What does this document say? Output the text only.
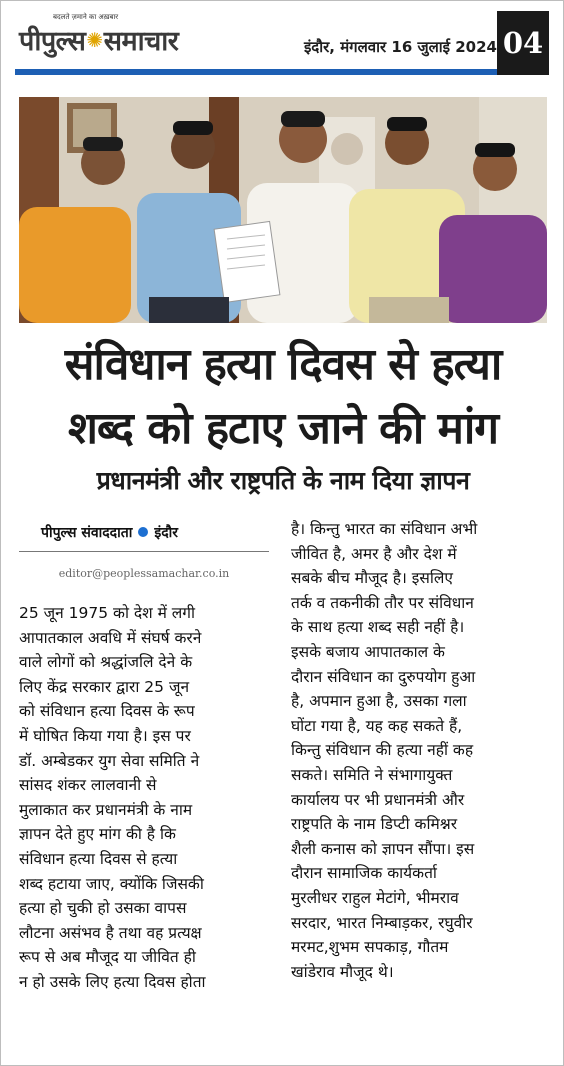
बदलते ज़माने का अख़बार
पीपुल्स✺समाचार	इंदौर, मंगलवार 16 जुलाई 2024 04
संविधान हत्या दिवस से हत्या
शब्द को हटाए जाने की मांग
प्रधानमंत्री और राष्ट्रपति के नाम दिया ज्ञापन
पीपुल्स संवाददाता इंदौर
editor@peoplessamachar.co.in
25 जून 1975 को देश में लगी
आपातकाल अवधि में संघर्ष करने
वाले लोगों को श्रद्धांजलि देने के
लिए केंद्र सरकार द्वारा 25 जून
को संविधान हत्या दिवस के रूप
में घोषित किया गया है। इस पर
डॉ. अम्बेडकर युग सेवा समिति ने
सांसद शंकर लालवानी से
मुलाकात कर प्रधानमंत्री के नाम
ज्ञापन देते हुए मांग की है कि
संविधान हत्या दिवस से हत्या
शब्द हटाया जाए, क्योंकि जिसकी
हत्या हो चुकी हो उसका वापस
लौटना असंभव है तथा वह प्रत्यक्ष
रूप से अब मौजूद या जीवित ही
न हो उसके लिए हत्या दिवस होता
है। किन्तु भारत का संविधान अभी
जीवित है, अमर है और देश में
सबके बीच मौजूद है। इसलिए
तर्क व तकनीकी तौर पर संविधान
के साथ हत्या शब्द सही नहीं है।
इसके बजाय आपातकाल के
दौरान संविधान का दुरुपयोग हुआ
है, अपमान हुआ है, उसका गला
घोंटा गया है, यह कह सकते हैं,
किन्तु संविधान की हत्या नहीं कह
सकते। समिति ने संभागायुक्त
कार्यालय पर भी प्रधानमंत्री और
राष्ट्रपति के नाम डिप्टी कमिश्नर
शैली कनास को ज्ञापन सौंपा। इस
दौरान सामाजिक कार्यकर्ता
मुरलीधर राहुल मेटांगे, भीमराव
सरदार, भारत निम्बाड़कर, रघुवीर
मरमट,शुभम सपकाड़, गौतम
खांडेराव मौजूद थे।
